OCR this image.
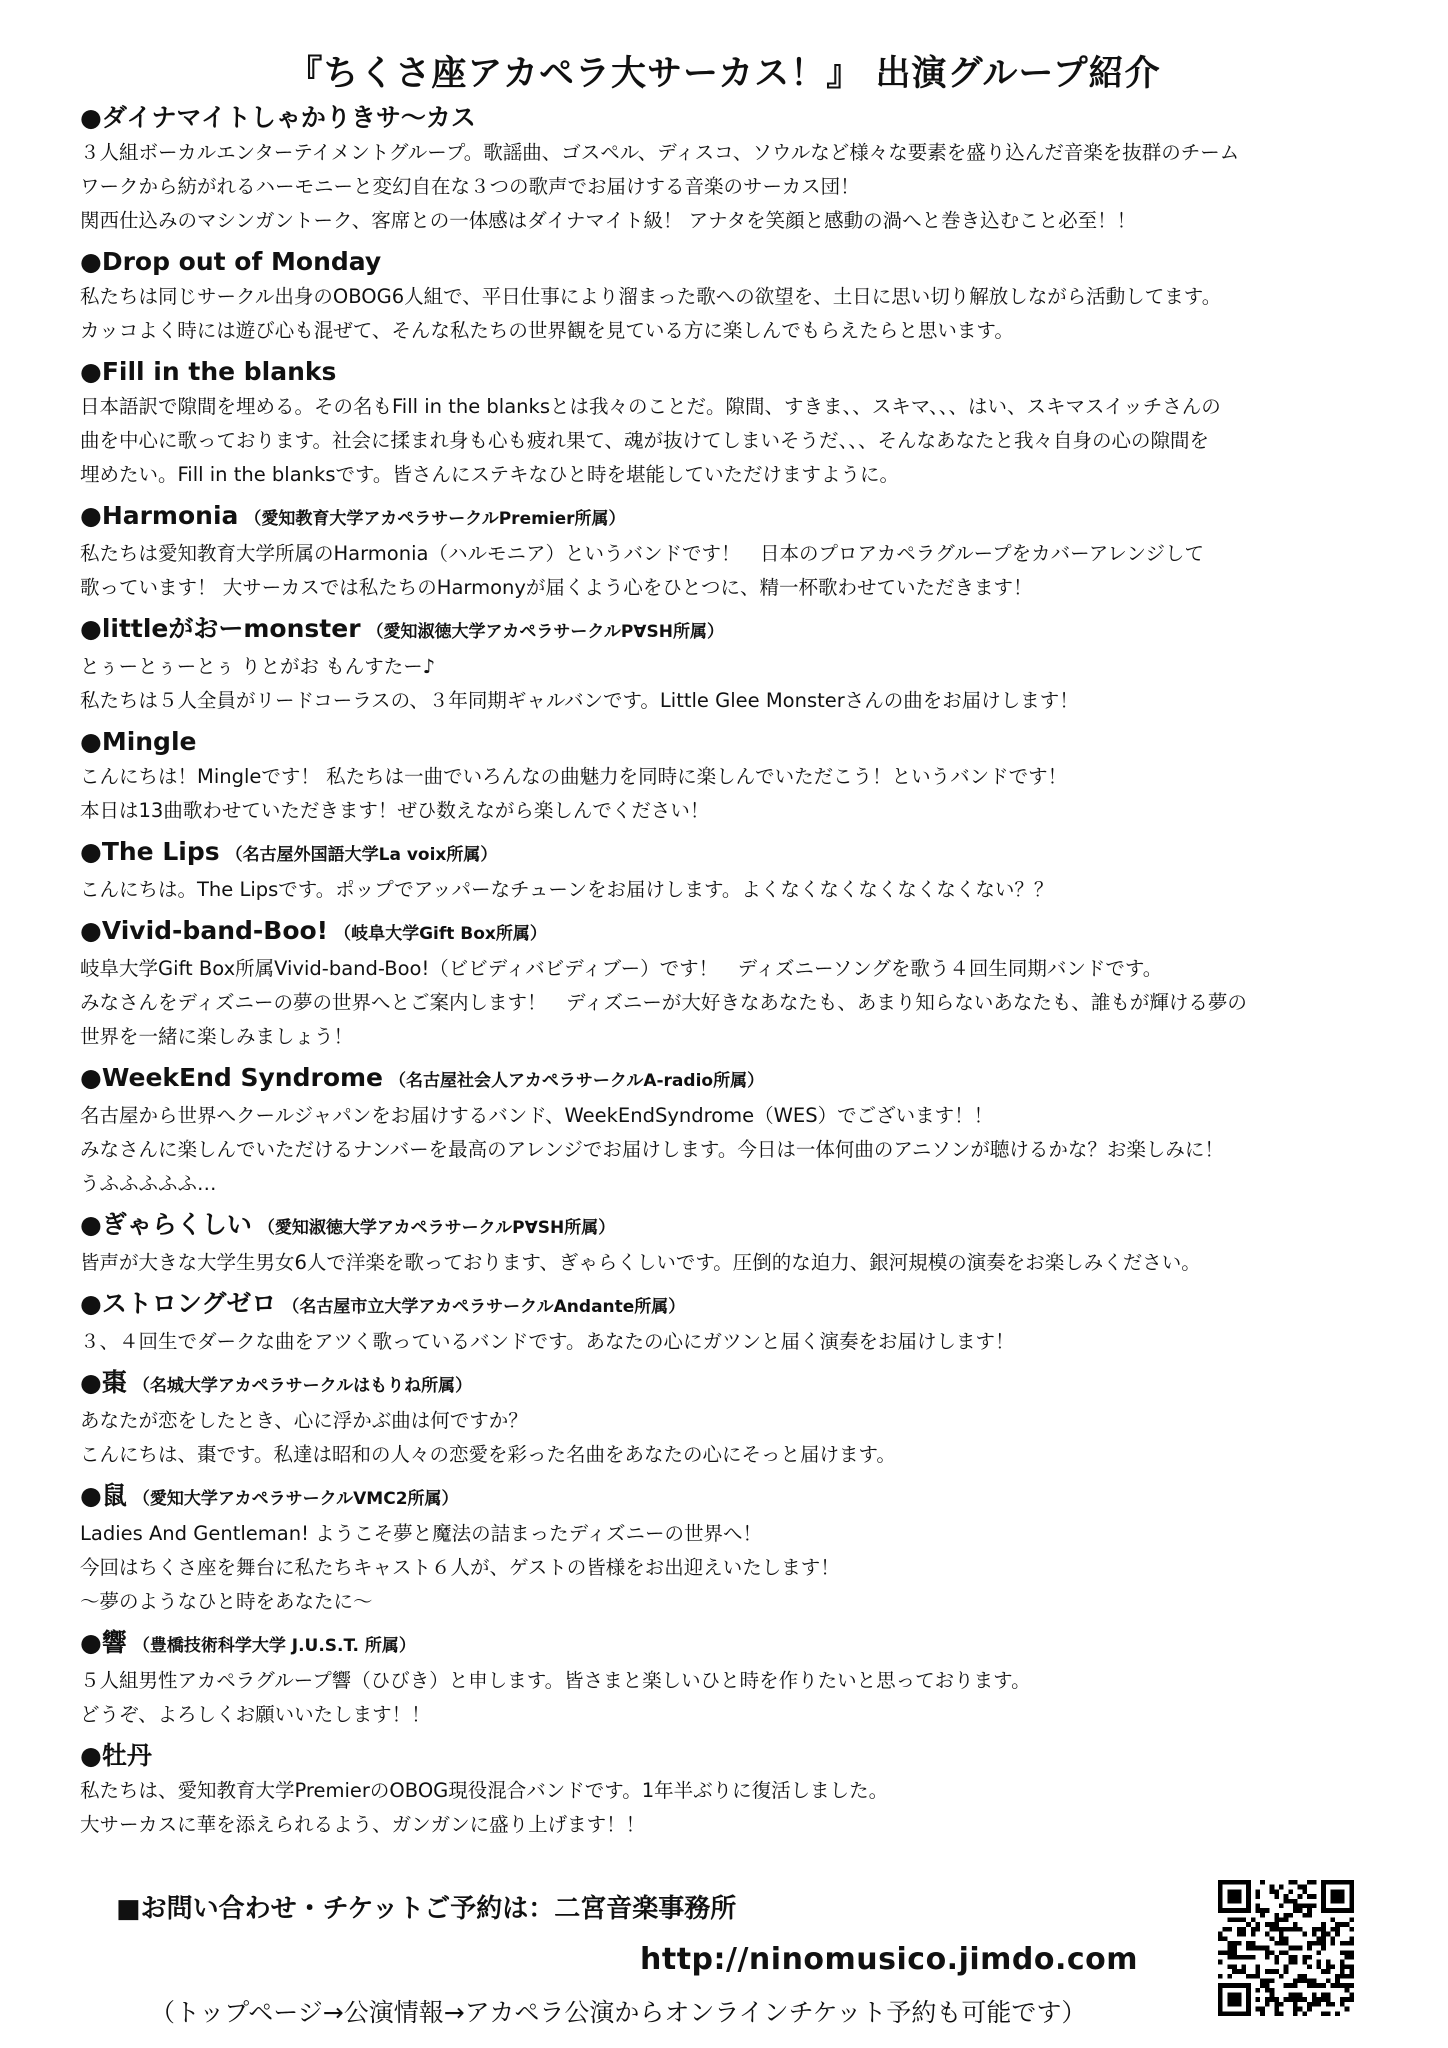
『ちくさ座アカペラ大サーカス！』 出演グループ紹介
●ダイナマイトしゃかりきサ〜カス

３人組ボーカルエンターテイメントグループ。歌謡曲、ゴスペル、ディスコ、ソウルなど様々な要素を盛り込んだ音楽を抜群のチーム

ワークから紡がれるハーモニーと変幻自在な３つの歌声でお届けする音楽のサーカス団！

関西仕込みのマシンガントーク、客席との一体感はダイナマイト級！ アナタを笑顔と感動の渦へと巻き込むこと必至！！

●Drop out of Monday

私たちは同じサークル出身のOBOG6人組で、平日仕事により溜まった歌への欲望を、土日に思い切り解放しながら活動してます。

カッコよく時には遊び心も混ぜて、そんな私たちの世界観を見ている方に楽しんでもらえたらと思います。

●Fill in the blanks

日本語訳で隙間を埋める。その名もFill in the blanksとは我々のことだ。隙間、すきま、、スキマ、、、はい、スキマスイッチさんの

曲を中心に歌っております。社会に揉まれ身も心も疲れ果て、魂が抜けてしまいそうだ、、、そんなあなたと我々自身の心の隙間を

埋めたい。Fill in the blanksです。皆さんにステキなひと時を堪能していただけますように。

●Harmonia （愛知教育大学アカペラサークルPremier所属）

私たちは愛知教育大学所属のHarmonia（ハルモニア）というバンドです！　日本のプロアカペラグループをカバーアレンジして

歌っています！ 大サーカスでは私たちのHarmonyが届くよう心をひとつに、精一杯歌わせていただきます！

●littleがおーmonster （愛知淑徳大学アカペラサークルP∀SH所属）

とぅーとぅーとぅ りとがお もんすたー♪

私たちは５人全員がリードコーラスの、３年同期ギャルバンです。Little Glee Monsterさんの曲をお届けします！

●Mingle

こんにちは！Mingleです！ 私たちは一曲でいろんなの曲魅力を同時に楽しんでいただこう！というバンドです！

本日は13曲歌わせていただきます！ぜひ数えながら楽しんでください！

●The Lips （名古屋外国語大学La voix所属）

こんにちは。The Lipsです。ポップでアッパーなチューンをお届けします。よくなくなくなくなくなくない？？

●Vivid-band-Boo! （岐阜大学Gift Box所属）

岐阜大学Gift Box所属Vivid-band-Boo!（ビビディバビディブー）です！　ディズニーソングを歌う４回生同期バンドです。

みなさんをディズニーの夢の世界へとご案内します！　ディズニーが大好きなあなたも、あまり知らないあなたも、誰もが輝ける夢の

世界を一緒に楽しみましょう！

●WeekEnd Syndrome （名古屋社会人アカペラサークルA-radio所属）

名古屋から世界へクールジャパンをお届けするバンド、WeekEndSyndrome（WES）でございます！！

みなさんに楽しんでいただけるナンバーを最高のアレンジでお届けします。今日は一体何曲のアニソンが聴けるかな？お楽しみに！

うふふふふふ…

●ぎゃらくしい （愛知淑徳大学アカペラサークルP∀SH所属）

皆声が大きな大学生男女6人で洋楽を歌っております、ぎゃらくしいです。圧倒的な迫力、銀河規模の演奏をお楽しみください。

●ストロングゼロ （名古屋市立大学アカペラサークルAndante所属）

３、４回生でダークな曲をアツく歌っているバンドです。あなたの心にガツンと届く演奏をお届けします！

●棗 （名城大学アカペラサークルはもりね所属）

あなたが恋をしたとき、心に浮かぶ曲は何ですか？

こんにちは、棗です。私達は昭和の人々の恋愛を彩った名曲をあなたの心にそっと届けます。

●鼠 （愛知大学アカペラサークルVMC2所属）

Ladies And Gentleman! ようこそ夢と魔法の詰まったディズニーの世界へ！

今回はちくさ座を舞台に私たちキャスト６人が、ゲストの皆様をお出迎えいたします！

〜夢のようなひと時をあなたに〜

●響 （豊橋技術科学大学 J.U.S.T. 所属）

５人組男性アカペラグループ響（ひびき）と申します。皆さまと楽しいひと時を作りたいと思っております。

どうぞ、よろしくお願いいたします！！

●牡丹

私たちは、愛知教育大学PremierのOBOG現役混合バンドです。1年半ぶりに復活しました。

大サーカスに華を添えられるよう、ガンガンに盛り上げます！！

■お問い合わせ・チケットご予約は：二宮音楽事務所
http://ninomusico.jimdo.com
（トップページ→公演情報→アカペラ公演からオンラインチケット予約も可能です）
